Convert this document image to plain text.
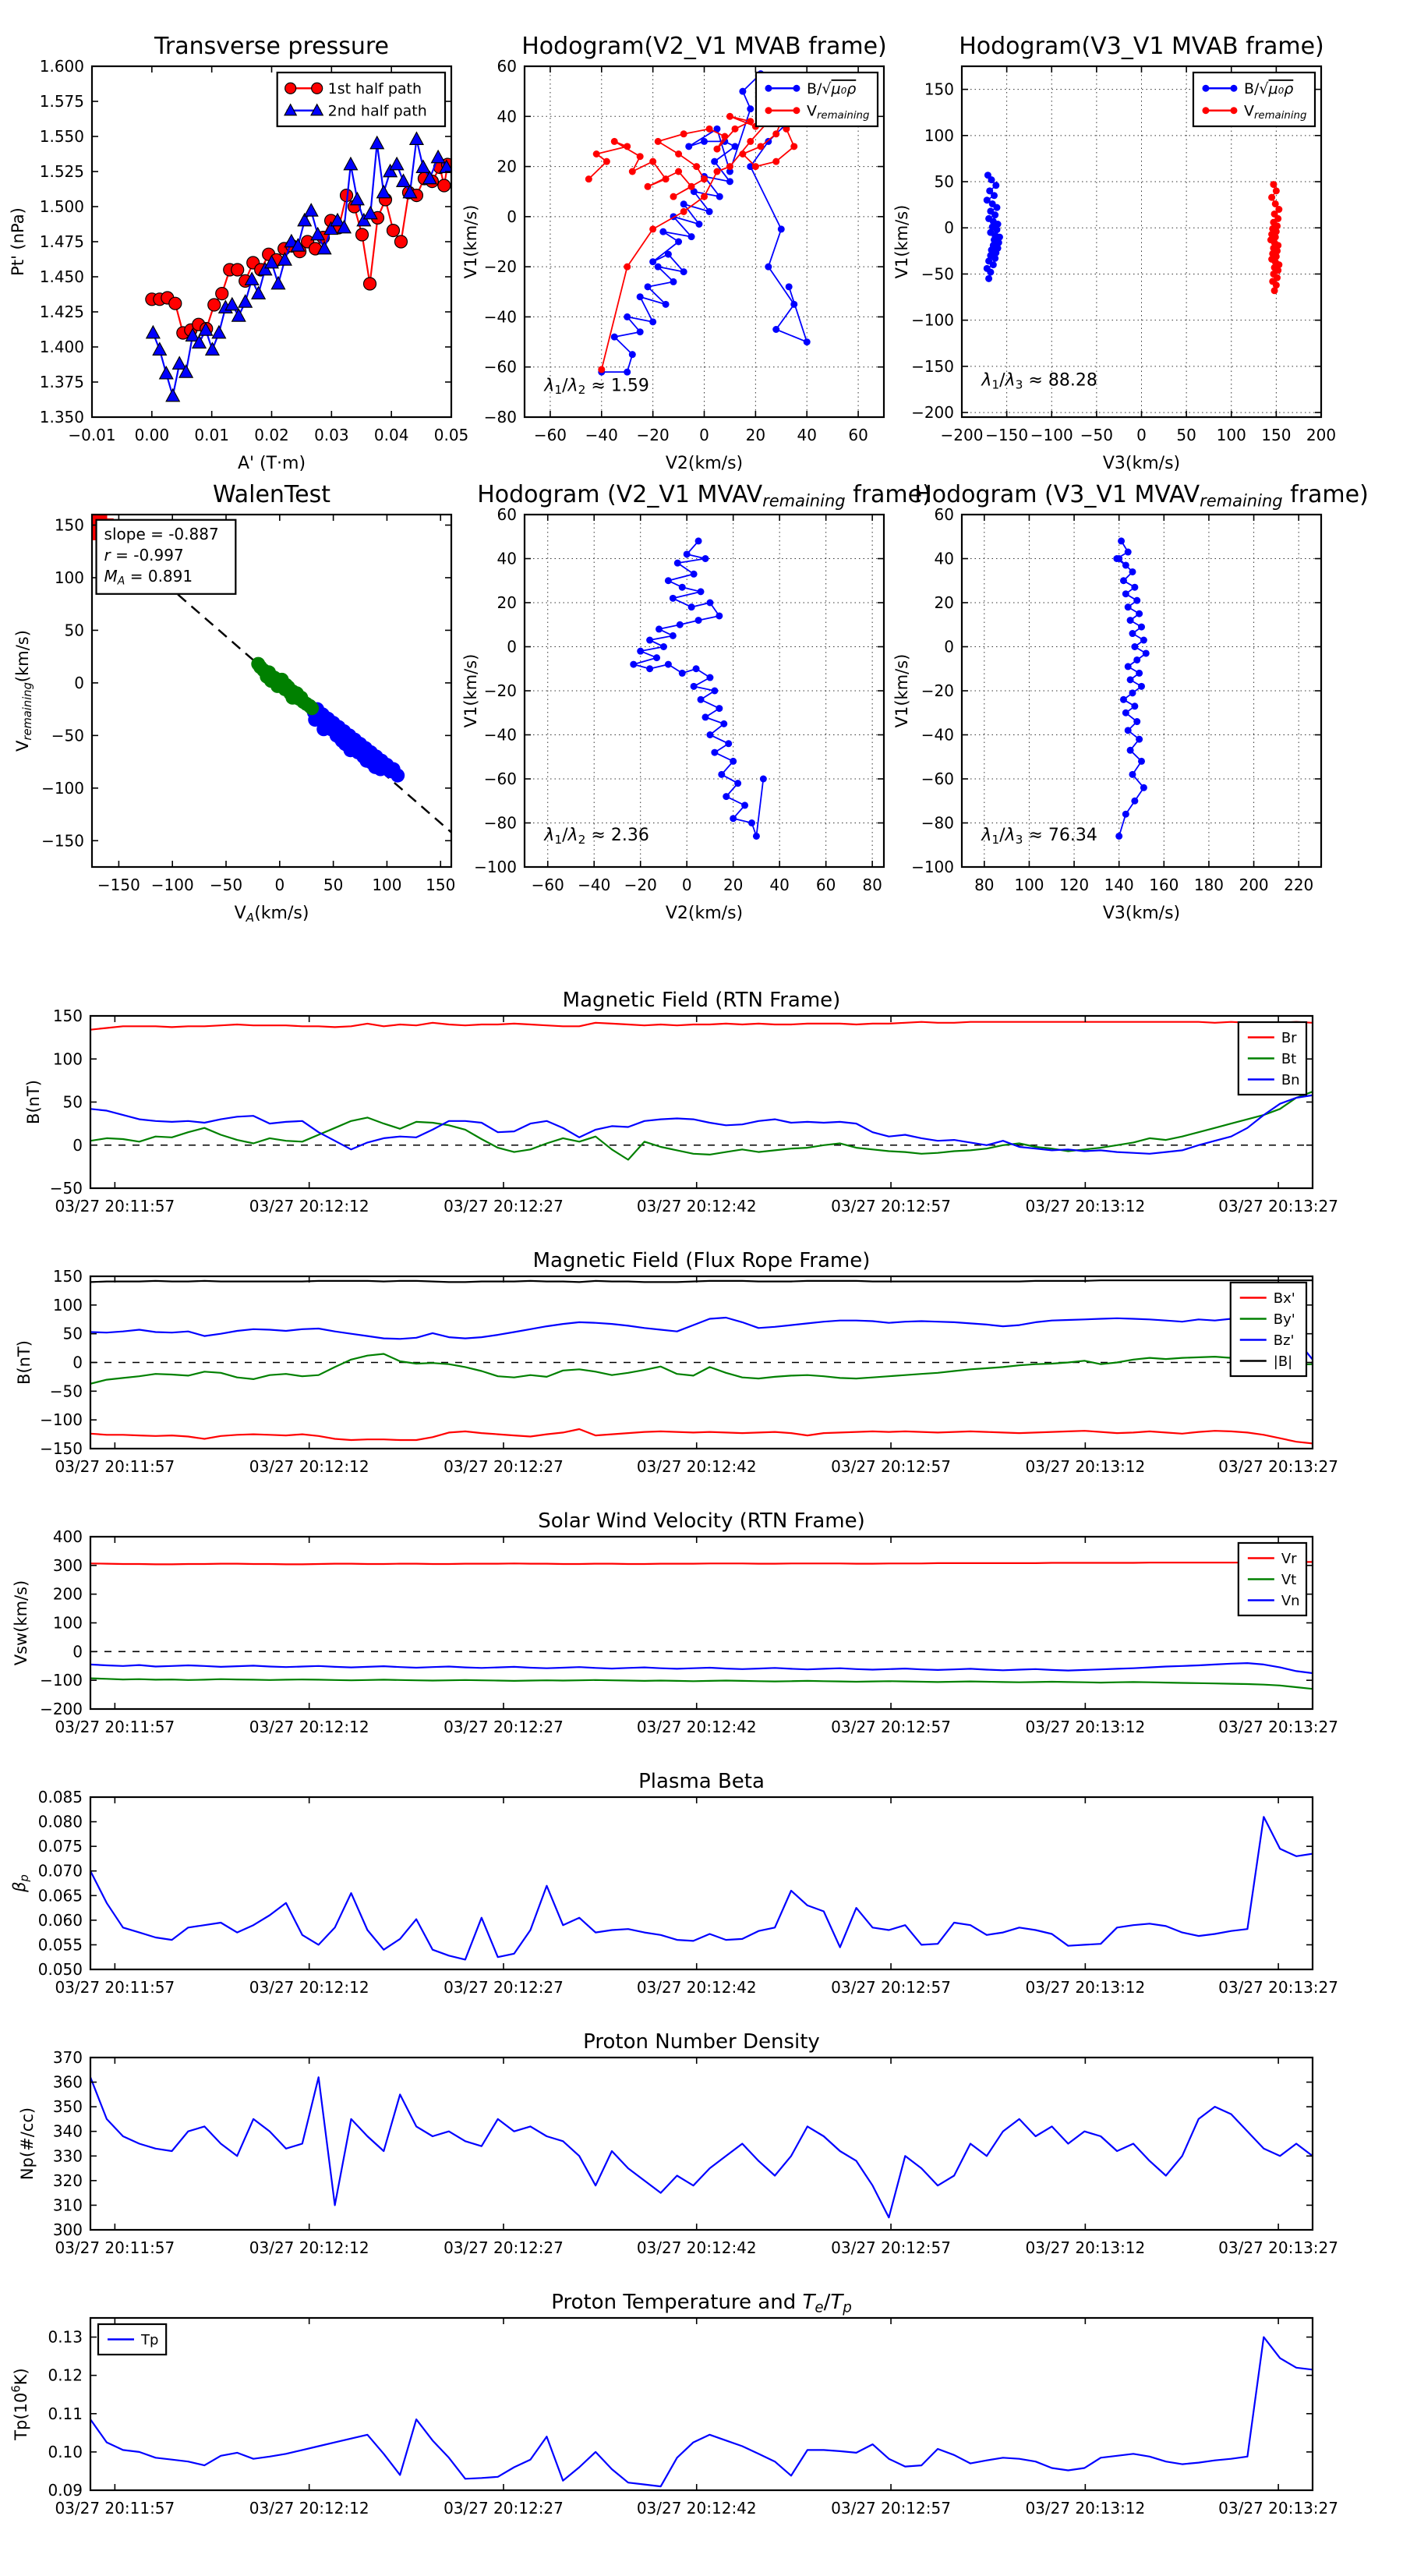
−0.01 0.00 0.01 0.02 0.03 0.04 0.05
1.350
1.375
1.400
1.425
1.450
1.475
1.500
1.525
1.550
1.575
1.600
Transverse pressure
A' (T·m)
Pt' (nPa)
1st half path
2nd half path
−60 −40 −20 0 20 40 60
−80
−60
−40
−20
0
20
40
60
Hodogram(V2_V1 MVAB frame)
V2(km/s)
V1(km/s)
B/√μ₀ρ
Vremaining
λ1/λ2 ≈ 1.59
−200 −150 −100 −50 0 50 100 150 200
−200
−150
−100
−50
0
50
100
150
Hodogram(V3_V1 MVAB frame)
V3(km/s)
V1(km/s)
B/√μ₀ρ
Vremaining
λ1/λ3 ≈ 88.28
−150 −100 −50 0 50 100 150
−150
−100
−50
0
50
100
150
WalenTest
VA(km/s)
Vremaining(km/s)
slope = -0.887
r = -0.997
MA = 0.891
−60 −40 −20 0 20 40 60 80
−100
−80
−60
−40
−20
0
20
40
60
Hodogram (V2_V1 MVAVremaining frame)
V2(km/s)
V1(km/s)
λ1/λ2 ≈ 2.36
80 100 120 140 160 180 200 220
−100
−80
−60
−40
−20
0
20
40
60
Hodogram (V3_V1 MVAVremaining frame)
V3(km/s)
V1(km/s)
λ1/λ3 ≈ 76.34
03/27 20:11:57	03/27 20:12:12	03/27 20:12:27	03/27 20:12:42	03/27 20:12:57	03/27 20:13:12	03/27 20:13:27
−50
0
50
100
150
Magnetic Field (RTN Frame)
B(nT)
Br
Bt
Bn
03/27 20:11:57	03/27 20:12:12	03/27 20:12:27	03/27 20:12:42	03/27 20:12:57	03/27 20:13:12	03/27 20:13:27
−150
−100
−50
0
50
100
150
Magnetic Field (Flux Rope Frame)
B(nT)
Bx'
By'
Bz'
|B|
03/27 20:11:57	03/27 20:12:12	03/27 20:12:27	03/27 20:12:42	03/27 20:12:57	03/27 20:13:12	03/27 20:13:27
−200
−100
0
100
200
300
400
Solar Wind Velocity (RTN Frame)
Vsw(km/s)
Vr
Vt
Vn
03/27 20:11:57	03/27 20:12:12	03/27 20:12:27	03/27 20:12:42	03/27 20:12:57	03/27 20:13:12	03/27 20:13:27
0.050
0.055
0.060
0.065
0.070
0.075
0.080
0.085
Plasma Beta
βp
03/27 20:11:57	03/27 20:12:12	03/27 20:12:27	03/27 20:12:42	03/27 20:12:57	03/27 20:13:12	03/27 20:13:27
300
310
320
330
340
350
360
370
Proton Number Density
Np(#/cc)
03/27 20:11:57	03/27 20:12:12	03/27 20:12:27	03/27 20:12:42	03/27 20:12:57	03/27 20:13:12	03/27 20:13:27
0.09
0.10
0.11
0.12
0.13
Proton Temperature and Te/Tp
$Tp(10^6K)$
Tp
